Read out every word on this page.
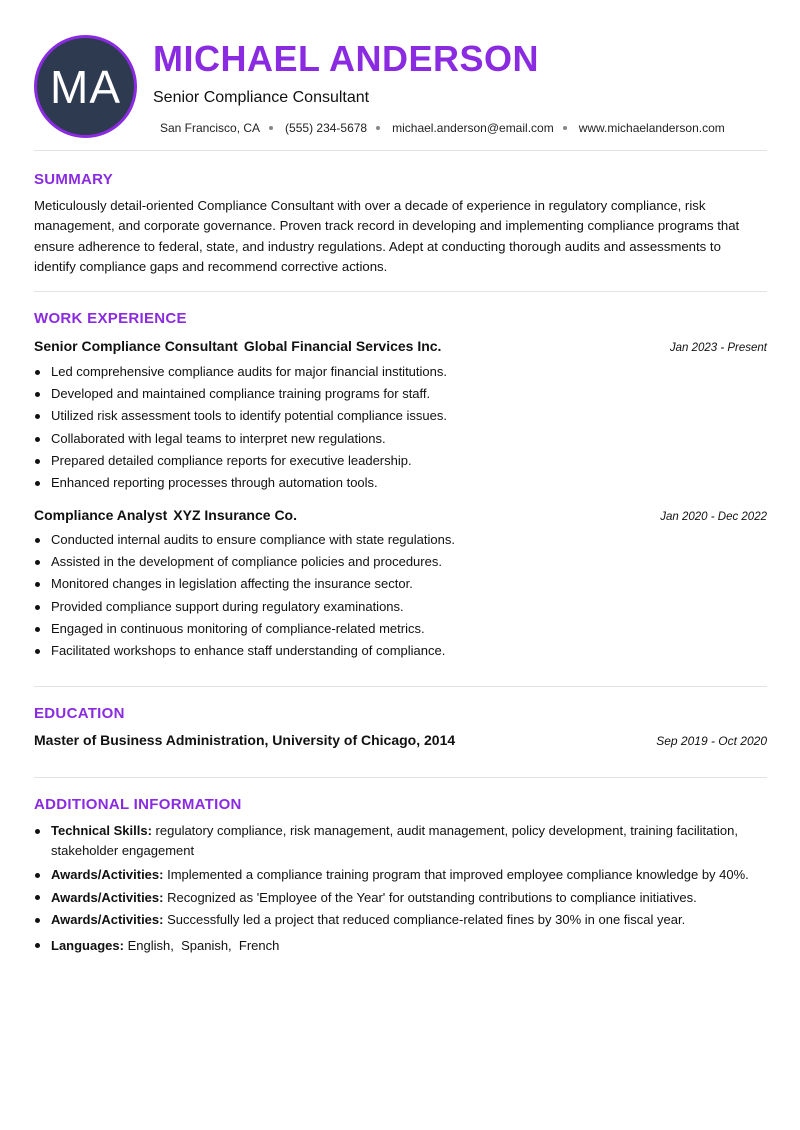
MA
MICHAEL ANDERSON
Senior Compliance Consultant
San Francisco, CA (555) 234-5678 michael.anderson@email.com www.michaelanderson.com
SUMMARY
Meticulously detail-oriented Compliance Consultant with over a decade of experience in regulatory compliance, risk management, and corporate governance. Proven track record in developing and implementing compliance programs that ensure adherence to federal, state, and industry regulations. Adept at conducting thorough audits and assessments to identify compliance gaps and recommend corrective actions.
WORK EXPERIENCE
Senior Compliance Consultant Global Financial Services Inc.	Jan 2023 - Present
Led comprehensive compliance audits for major financial institutions.
Developed and maintained compliance training programs for staff.
Utilized risk assessment tools to identify potential compliance issues.
Collaborated with legal teams to interpret new regulations.
Prepared detailed compliance reports for executive leadership.
Enhanced reporting processes through automation tools.
Compliance Analyst XYZ Insurance Co.	Jan 2020 - Dec 2022
Conducted internal audits to ensure compliance with state regulations.
Assisted in the development of compliance policies and procedures.
Monitored changes in legislation affecting the insurance sector.
Provided compliance support during regulatory examinations.
Engaged in continuous monitoring of compliance-related metrics.
Facilitated workshops to enhance staff understanding of compliance.
EDUCATION
Master of Business Administration, University of Chicago, 2014	Sep 2019 - Oct 2020
ADDITIONAL INFORMATION
Technical Skills: regulatory compliance, risk management, audit management, policy development, training facilitation, stakeholder engagement
Awards/Activities: Implemented a compliance training program that improved employee compliance knowledge by 40%.
Awards/Activities: Recognized as 'Employee of the Year' for outstanding contributions to compliance initiatives.
Awards/Activities: Successfully led a project that reduced compliance-related fines by 30% in one fiscal year.
Languages: English, Spanish, French
